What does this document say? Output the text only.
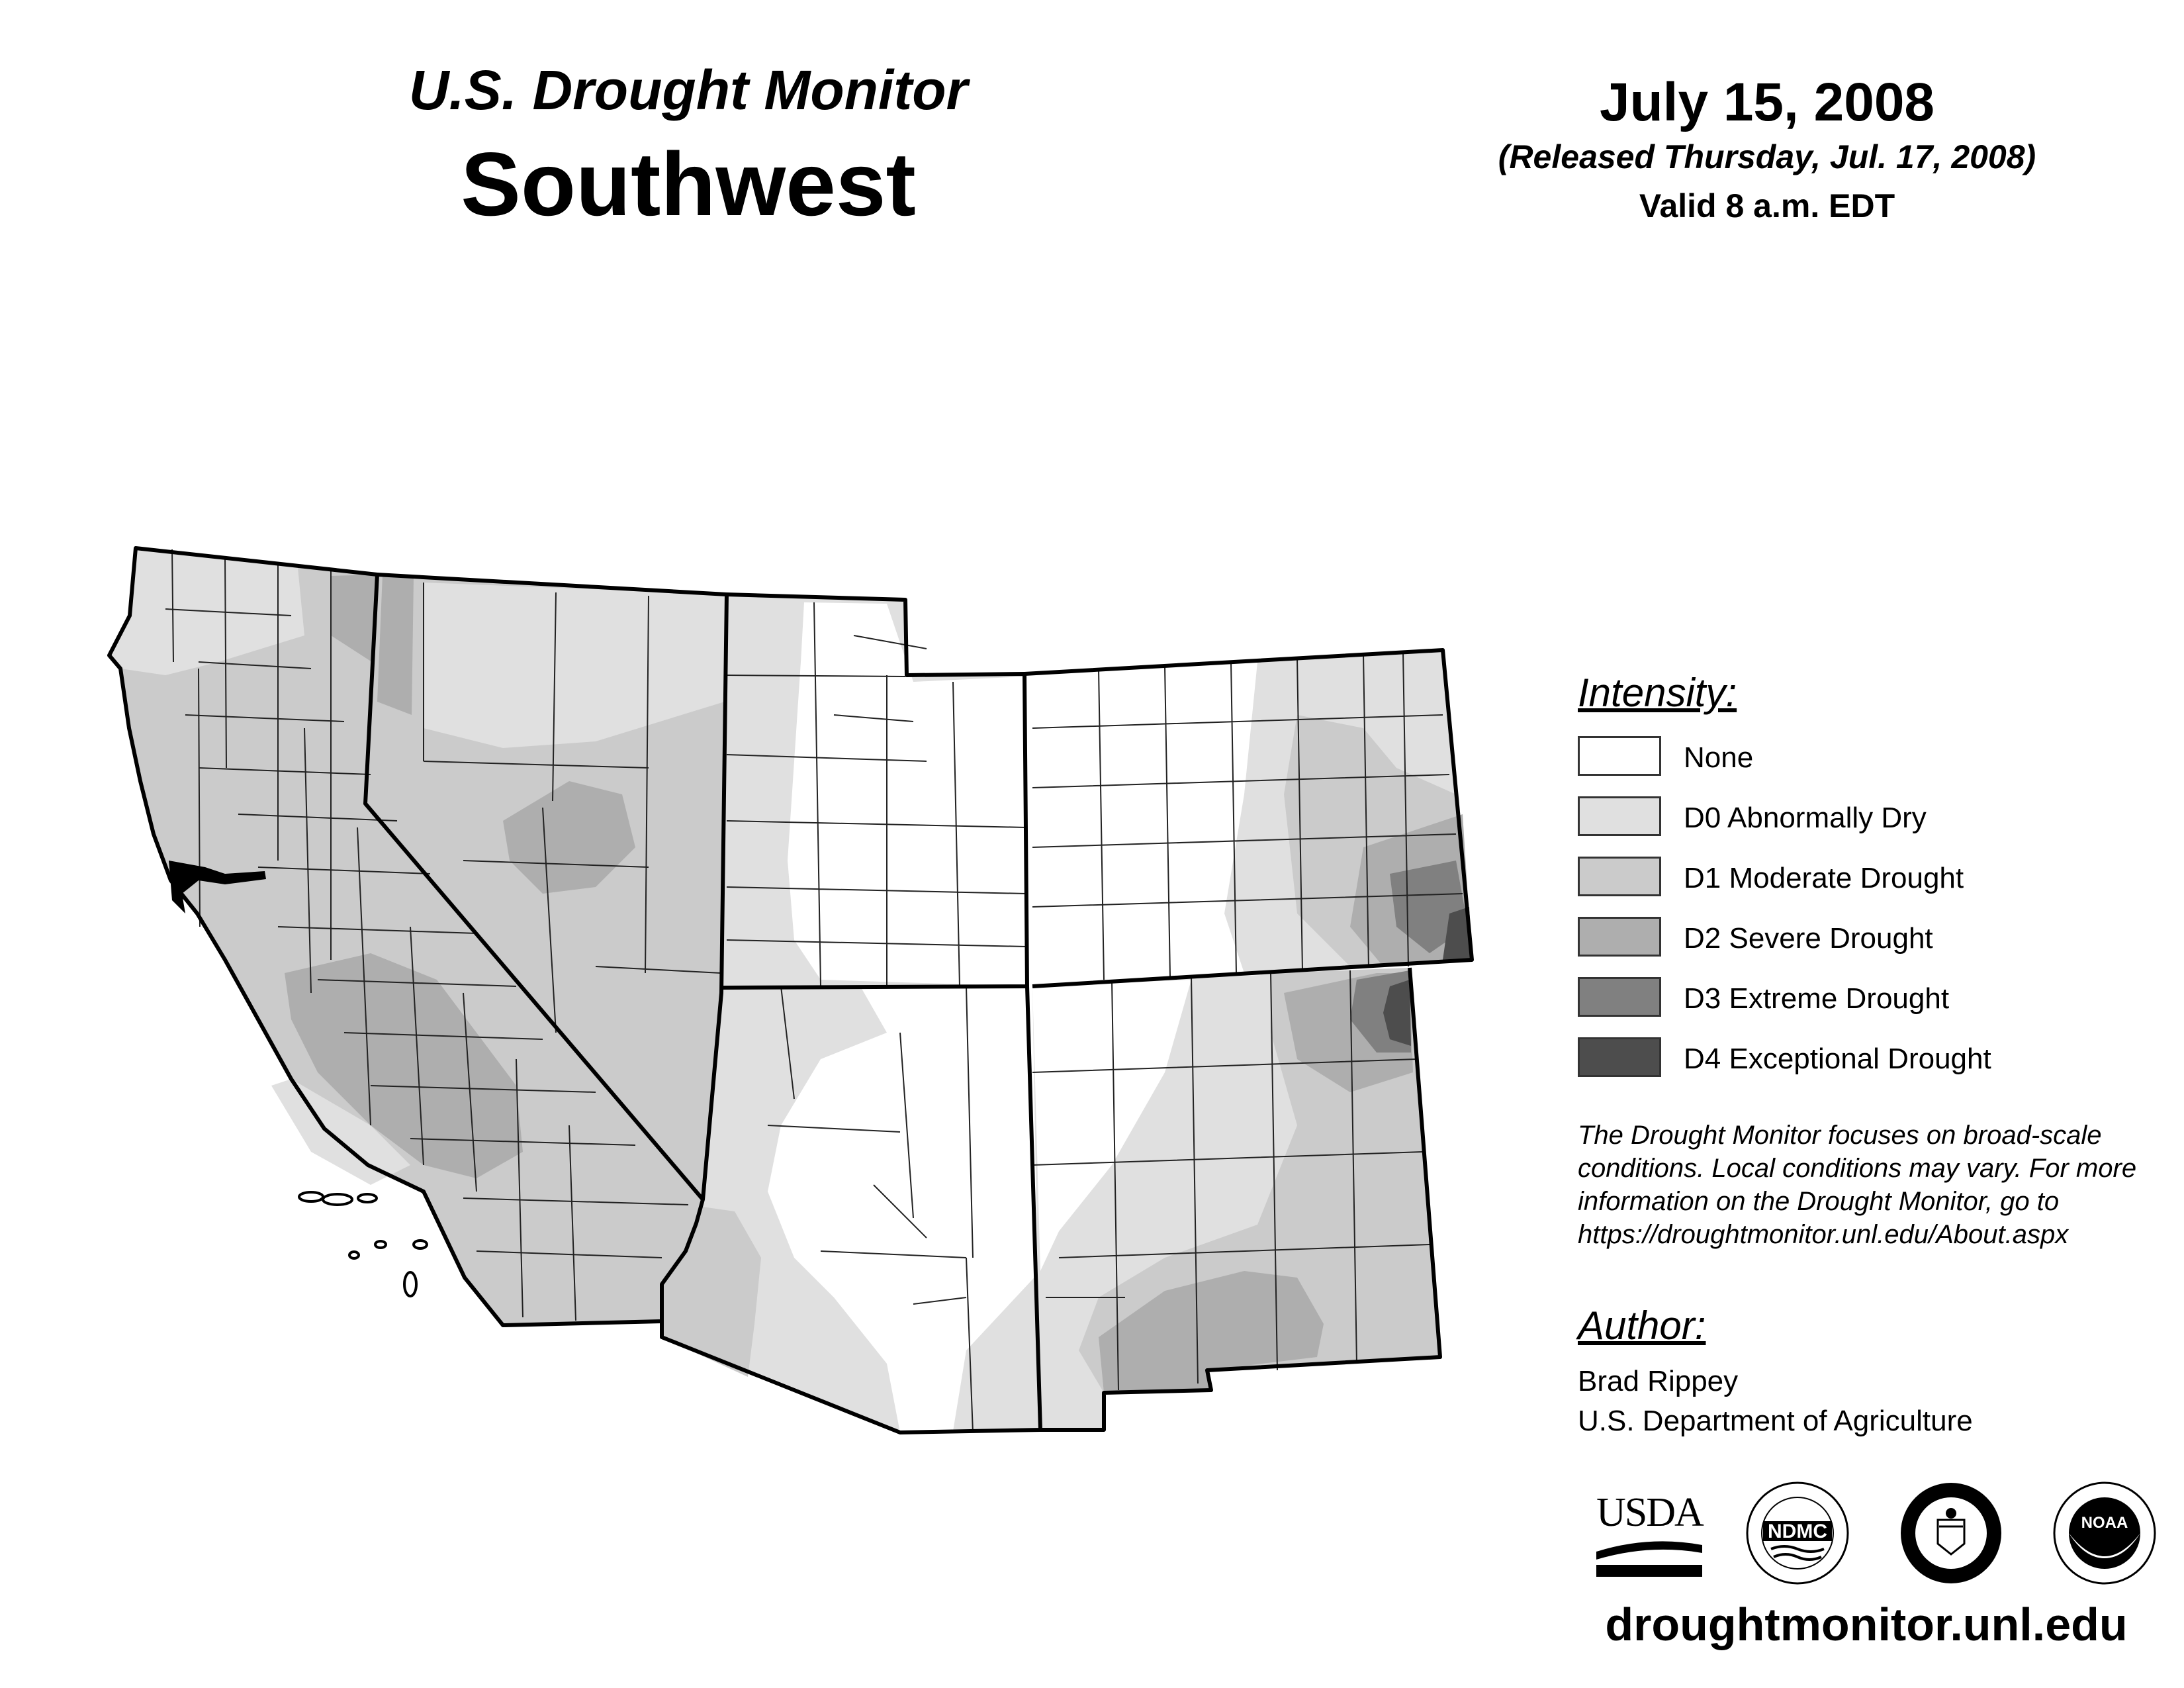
U.S. Drought Monitor
Southwest
July 15, 2008
(Released Thursday, Jul. 17, 2008)
Valid 8 a.m. EDT
Intensity:
None
D0 Abnormally Dry
D1 Moderate Drought
D2 Severe Drought
D3 Extreme Drought
D4 Exceptional Drought
The Drought Monitor focuses on broad-scale conditions. Local conditions may vary. For more information on the Drought Monitor, go to https://droughtmonitor.unl.edu/About.aspx
Author:
Brad Rippey
U.S. Department of Agriculture
USDA	NDMC	NOAA
droughtmonitor.unl.edu
